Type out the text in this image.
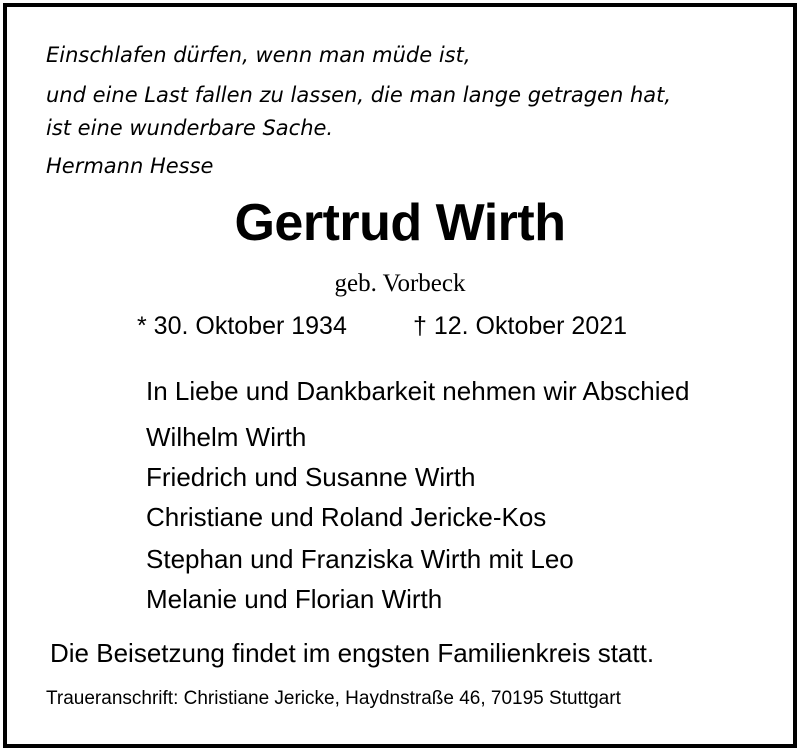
Einschlafen dürfen, wenn man müde ist,
und eine Last fallen zu lassen, die man lange getragen hat,
ist eine wunderbare Sache.
Hermann Hesse
Gertrud Wirth
geb. Vorbeck
* 30. Oktober 1934	† 12. Oktober 2021
In Liebe und Dankbarkeit nehmen wir Abschied
Wilhelm Wirth
Friedrich und Susanne Wirth
Christiane und Roland Jericke-Kos
Stephan und Franziska Wirth mit Leo
Melanie und Florian Wirth
Die Beisetzung findet im engsten Familienkreis statt.
Traueranschrift: Christiane Jericke, Haydnstraße 46, 70195 Stuttgart
